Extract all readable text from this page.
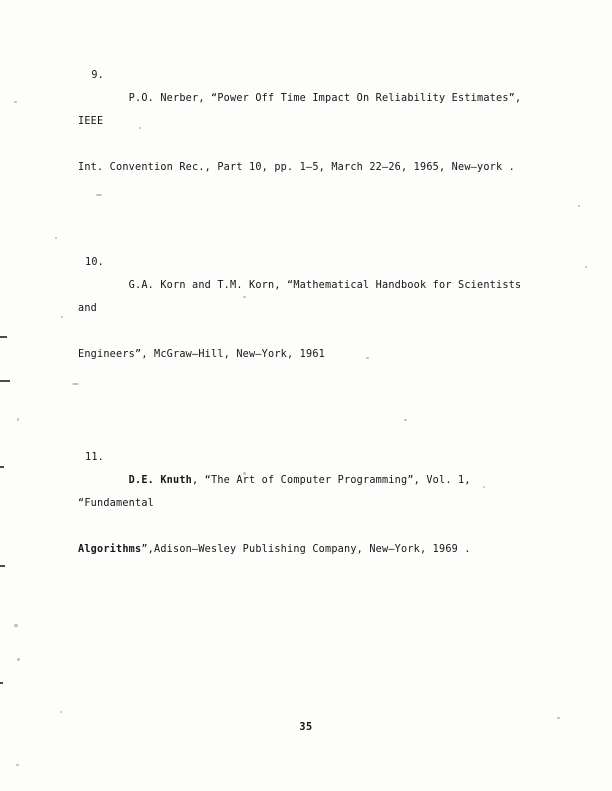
9.

P.O. Nerber, “Power Off Time Impact On Reliability Estimates”, IEEE

Int. Convention Rec., Part 10, pp. 1–5, March 22–26, 1965, New–york .

10.

G.A. Korn and T.M. Korn, “Mathematical Handbook for Scientists and

Engineers”, McGraw–Hill, New–York, 1961

11.

D.E. Knuth, “The Art of Computer Programming”, Vol. 1, “Fundamental

Algorithms”,Adison–Wesley Publishing Company, New–York, 1969 .

35
